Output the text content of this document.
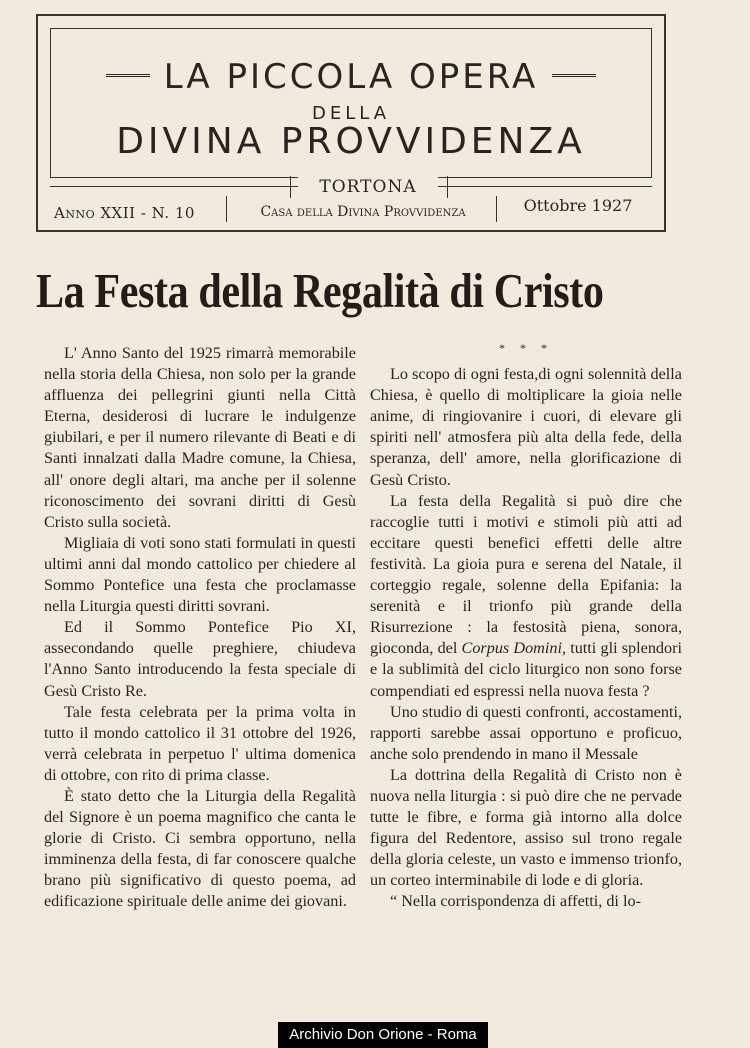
LA PICCOLA OPERA
DELLA
DIVINA PROVVIDENZA
TORTONA
Anno XXII - N. 10	Casa della Divina Provvidenza	Ottobre 1927
La Festa della Regalità di Cristo

L' Anno Santo del 1925 rimarrà memorabile nella storia della Chiesa, non solo per la grande affluenza dei pellegrini giunti nella Città Eterna, desiderosi di lucrare le indulgenze giubilari, e per il numero rilevante di Beati e di Santi innalzati dalla Madre comune, la Chiesa, all' onore degli altari, ma anche per il solenne riconoscimento dei sovrani diritti di Gesù Cristo sulla società.

Migliaia di voti sono stati formulati in questi ultimi anni dal mondo cattolico per chiedere al Sommo Pontefice una festa che proclamasse nella Liturgia questi diritti sovrani.

Ed il Sommo Pontefice Pio XI, assecondando quelle preghiere, chiudeva l'Anno Santo introducendo la festa speciale di Gesù Cristo Re.

Tale festa celebrata per la prima volta in tutto il mondo cattolico il 31 ottobre del 1926, verrà celebrata in perpetuo l' ultima domenica di ottobre, con rito di prima classe.

È stato detto che la Liturgia della Regalità del Signore è un poema magnifico che canta le glorie di Cristo. Ci sembra opportuno, nella imminenza della festa, di far conoscere qualche brano più significativo di questo poema, ad edificazione spirituale delle anime dei giovani.

* * *

Lo scopo di ogni festa,di ogni solennità della Chiesa, è quello di moltiplicare la gioia nelle anime, di ringiovanire i cuori, di elevare gli spiriti nell' atmosfera più alta della fede, della speranza, dell' amore, nella glorificazione di Gesù Cristo.

La festa della Regalità si può dire che raccoglie tutti i motivi e stimoli più atti ad eccitare questi benefici effetti delle altre festività. La gioia pura e serena del Natale, il corteggio regale, solenne della Epifania: la serenità e il trionfo più grande della Risurrezione : la festosità piena, sonora, gioconda, del Corpus Domini, tutti gli splendori e la sublimità del ciclo liturgico non sono forse compendiati ed espressi nella nuova festa ?

Uno studio di questi confronti, accostamenti, rapporti sarebbe assai opportuno e proficuo, anche solo prendendo in mano il Messale

La dottrina della Regalità di Cristo non è nuova nella liturgia : si può dire che ne pervade tutte le fibre, e forma già intorno alla dolce figura del Redentore, assiso sul trono regale della gloria celeste, un vasto e immenso trionfo, un corteo interminabile di lode e di gloria.

“ Nella corrispondenza di affetti, di lo-

Archivio Don Orione - Roma
